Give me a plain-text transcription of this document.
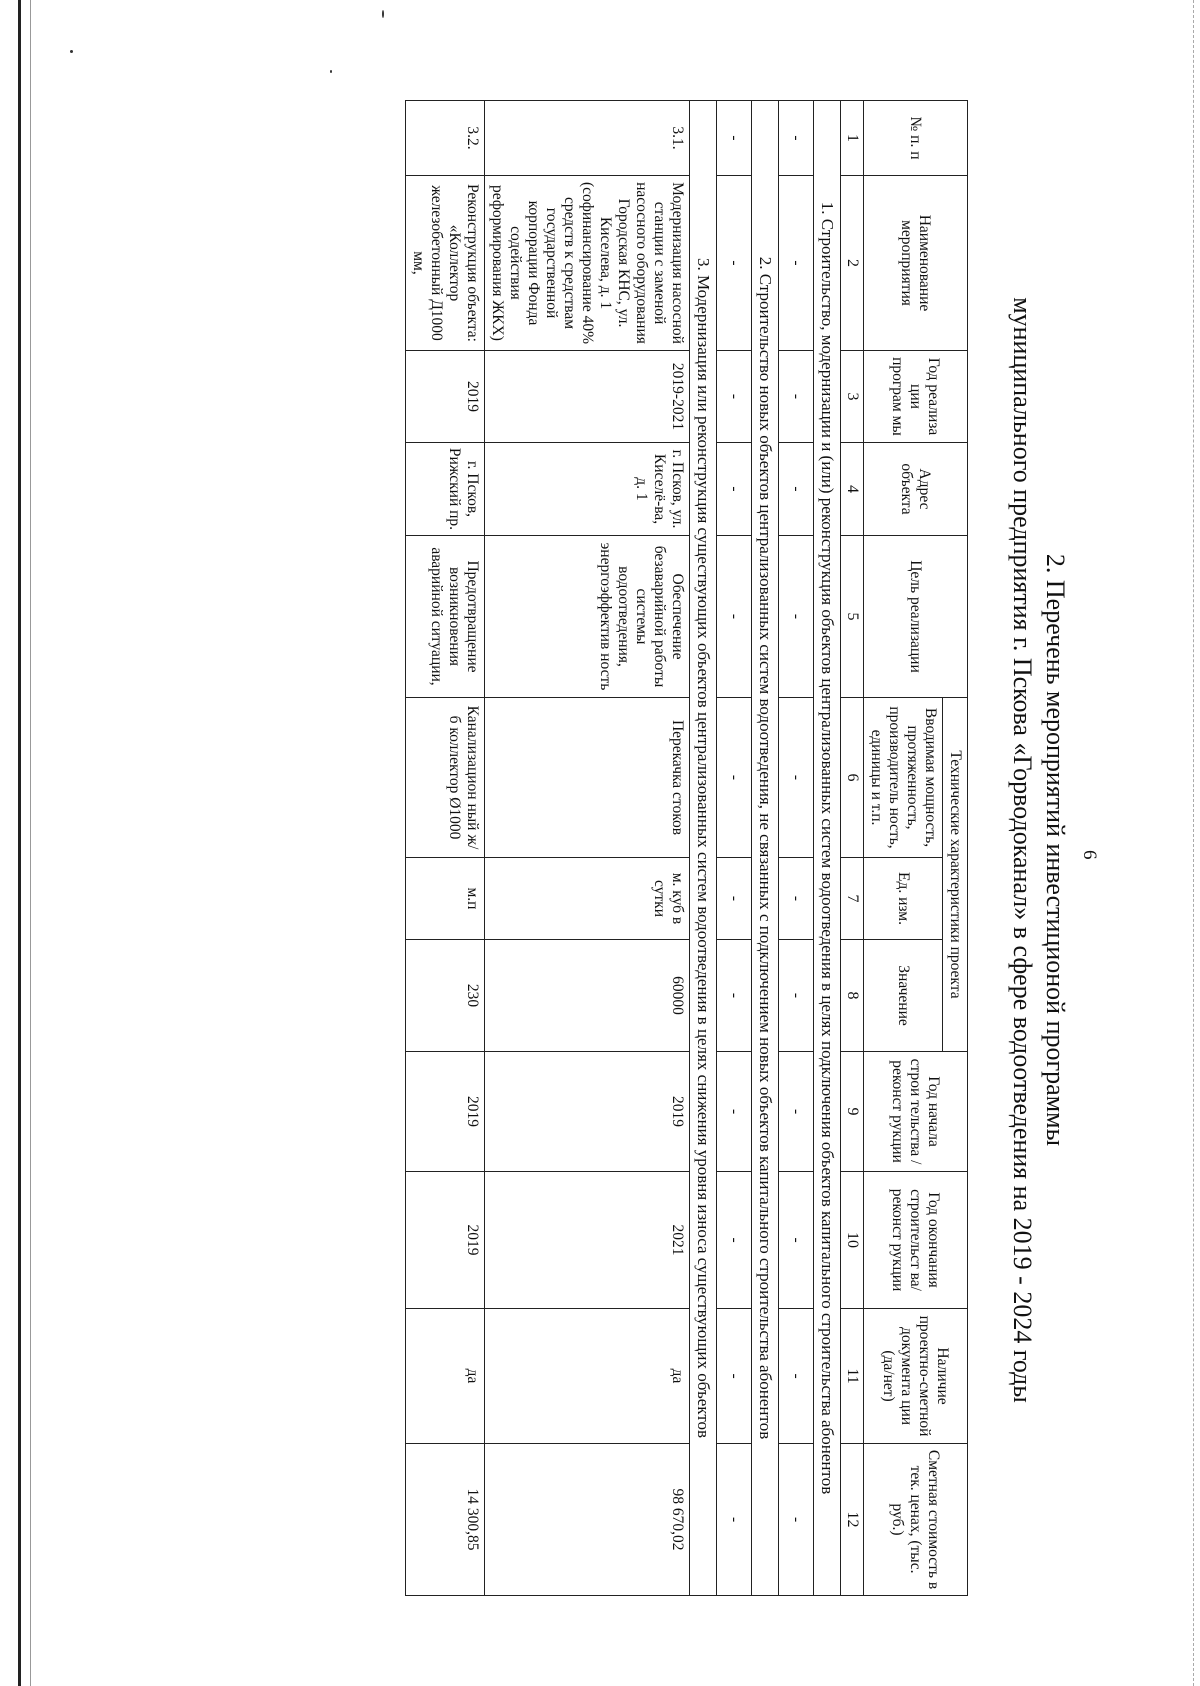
6
2. Перечень мероприятий инвестиционой программы
муниципального предприятия г. Пскова «Горводоканал» в сфере водоотведения на 2019 - 2024 годы
№ п. п	Наименование мероприятия	Год реализа ции програм мы	Адрес объекта	Цель реализации	Технические характеристики проекта			Год начала строи тельства /реконст рукции	Год окончания строительст ва/реконст рукции	Наличие проектно-сметной документа ции (да/нет)	Сметная стоимость в тек. ценах, (тыс. руб.)
					Вводимая мощность, протяженность, производитель ность, единицы и т.п.	Ед. изм.	Значение				
1	2	3	4	5	6	7	8	9	10	11	12
1. Строительство, модернизации и (или) реконструкция объектов централизованных систем водоотведения в целях подключения объектов капитального строительства абонентов											
-	-	-	-	-	-	-	-	-	-	-	-
2. Строительство новых объектов централизованных систем водоотведения, не связанных с подключением новых объектов капитального строительства абонентов											
-	-	-	-	-	-	-	-	-	-	-	-
3. Модернизация или реконструкция существующих объектов централизованных систем водоотведения в целях снижения уровня износа существующих объектов											
3.1.	Модернизация насосной станции с заменой насосного оборудования Городская КНС, ул. Киселева, д. 1 (софинансирование 40% средств к средствам государственной корпорации Фонда содействия реформирования ЖКХ)	2019-2021	г. Псков, ул. Киселё-ва, д. 1	Обеспечение безаварийной работы системы водоотведения, энергоэффектив ность	Перекачка стоков	м. куб в сутки	60000	2019	2021	да	98 670,02
3.2.	Реконструкция объекта: «Коллектор железобетонный Д1000 мм,	2019	г. Псков, Рижский пр.	Предотвращение возникновения аварийной ситуации,	Канализацион ный ж/б коллектор Ø1000	м.п	230	2019	2019	да	14 300,85
